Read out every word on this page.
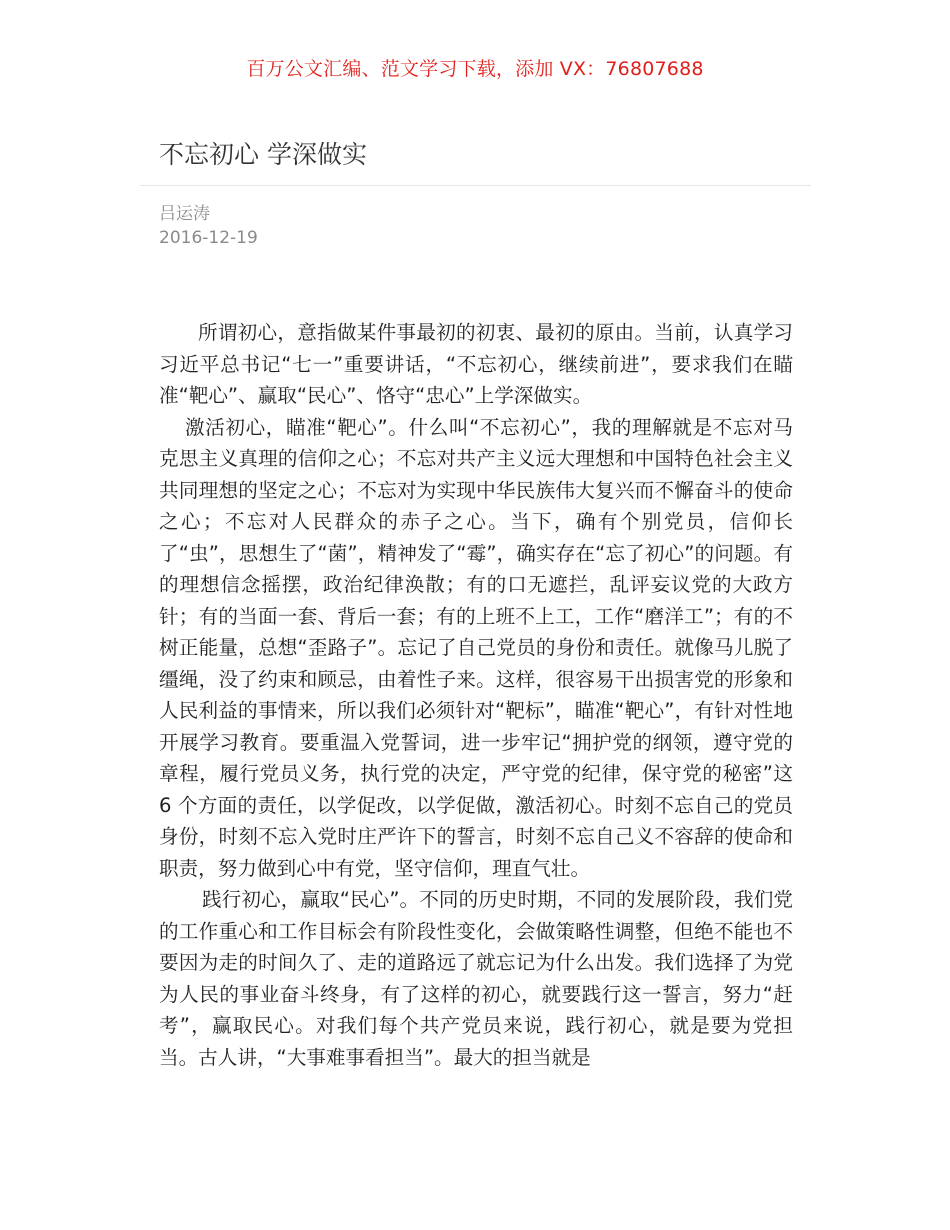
百万公文汇编、范文学习下载，添加 VX：76807688
不忘初心 学深做实
吕运涛
2016-12-19

所谓初心，意指做某件事最初的初衷、最初的原由。当前，认真学习习近平总书记“七一”重要讲话，“不忘初心，继续前进”，要求我们在瞄准“靶心”、赢取“民心”、恪守“忠心”上学深做实。

激活初心，瞄准“靶心”。什么叫“不忘初心”，我的理解就是不忘对马克思主义真理的信仰之心；不忘对共产主义远大理想和中国特色社会主义共同理想的坚定之心；不忘对为实现中华民族伟大复兴而不懈奋斗的使命之心；不忘对人民群众的赤子之心。当下，确有个别党员，信仰长了“虫”，思想生了“菌”，精神发了“霉”，确实存在“忘了初心”的问题。有的理想信念摇摆，政治纪律涣散；有的口无遮拦，乱评妄议党的大政方针；有的当面一套、背后一套；有的上班不上工，工作“磨洋工”；有的不树正能量，总想“歪路子”。忘记了自己党员的身份和责任。就像马儿脱了缰绳，没了约束和顾忌，由着性子来。这样，很容易干出损害党的形象和人民利益的事情来，所以我们必须针对“靶标”，瞄准“靶心”，有针对性地开展学习教育。要重温入党誓词，进一步牢记“拥护党的纲领，遵守党的章程，履行党员义务，执行党的决定，严守党的纪律，保守党的秘密”这 6 个方面的责任，以学促改，以学促做，激活初心。时刻不忘自己的党员身份，时刻不忘入党时庄严许下的誓言，时刻不忘自己义不容辞的使命和职责，努力做到心中有党，坚守信仰，理直气壮。

践行初心，赢取“民心”。不同的历史时期，不同的发展阶段，我们党的工作重心和工作目标会有阶段性变化，会做策略性调整，但绝不能也不要因为走的时间久了、走的道路远了就忘记为什么出发。我们选择了为党为人民的事业奋斗终身，有了这样的初心，就要践行这一誓言，努力“赶考”，赢取民心。对我们每个共产党员来说，践行初心，就是要为党担当。古人讲，“大事难事看担当”。最大的担当就是
